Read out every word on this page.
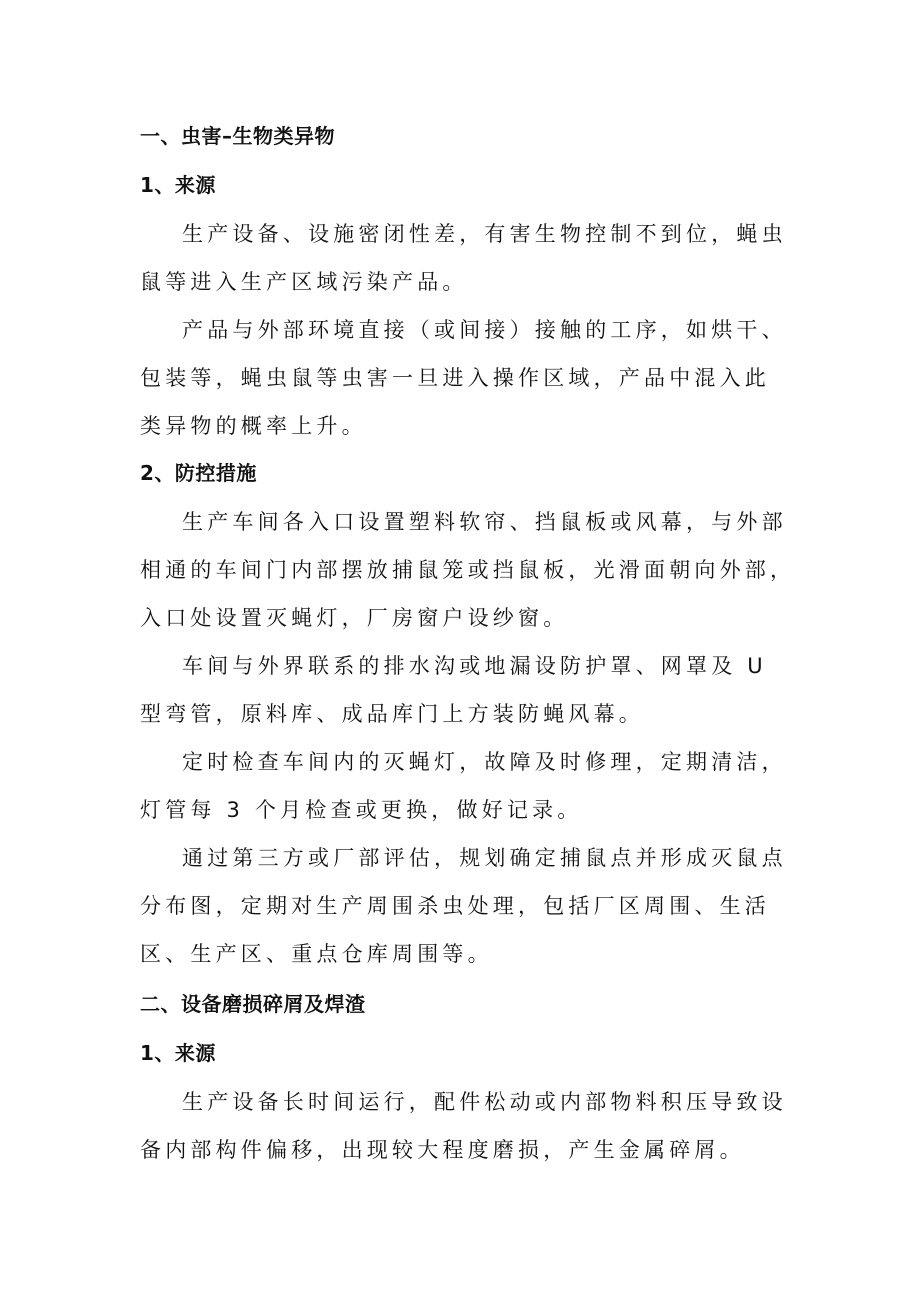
一、虫害–生物类异物
1、来源
生产设备、设施密闭性差，有害生物控制不到位，蝇虫
鼠等进入生产区域污染产品。
产品与外部环境直接（或间接）接触的工序，如烘干、
包装等，蝇虫鼠等虫害一旦进入操作区域，产品中混入此
类异物的概率上升。
2、防控措施
生产车间各入口设置塑料软帘、挡鼠板或风幕，与外部
相通的车间门内部摆放捕鼠笼或挡鼠板，光滑面朝向外部，
入口处设置灭蝇灯，厂房窗户设纱窗。
车间与外界联系的排水沟或地漏设防护罩、网罩及 U
型弯管，原料库、成品库门上方装防蝇风幕。
定时检查车间内的灭蝇灯，故障及时修理，定期清洁，
灯管每 3 个月检查或更换，做好记录。
通过第三方或厂部评估，规划确定捕鼠点并形成灭鼠点
分布图，定期对生产周围杀虫处理，包括厂区周围、生活
区、生产区、重点仓库周围等。
二、设备磨损碎屑及焊渣
1、来源
生产设备长时间运行，配件松动或内部物料积压导致设
备内部构件偏移，出现较大程度磨损，产生金属碎屑。
